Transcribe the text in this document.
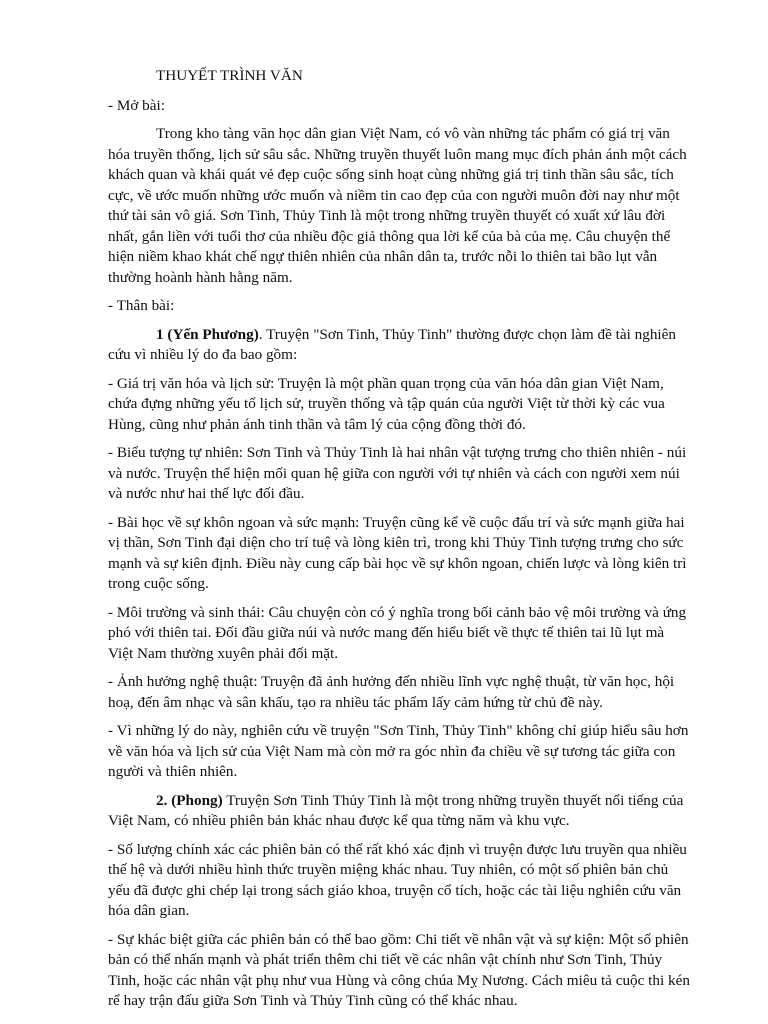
THUYẾT TRÌNH VĂN
- Mở bài:

Trong kho tàng văn học dân gian Việt Nam, có vô vàn những tác phẩm có giá trị văn hóa truyền thống, lịch sử sâu sắc. Những truyền thuyết luôn mang mục đích phản ánh một cách khách quan và khái quát vẻ đẹp cuộc sống sinh hoạt cùng những giá trị tinh thần sâu sắc, tích cực, về ước muốn những ước muốn và niềm tin cao đẹp của con người muôn đời nay như một thứ tài sản vô giá. Sơn Tinh, Thủy Tinh là một trong những truyền thuyết có xuất xứ lâu đời nhất, gắn liền với tuổi thơ của nhiều độc giả thông qua lời kể của bà của mẹ. Câu chuyện thể hiện niềm khao khát chế ngự thiên nhiên của nhân dân ta, trước nỗi lo thiên tai bão lụt vẫn thường hoành hành hằng năm.

- Thân bài:

1 (Yến Phương). Truyện "Sơn Tinh, Thủy Tinh" thường được chọn làm đề tài nghiên cứu vì nhiều lý do đa bao gồm:

- Giá trị văn hóa và lịch sử: Truyện là một phần quan trọng của văn hóa dân gian Việt Nam, chứa đựng những yếu tố lịch sử, truyền thống và tập quán của người Việt từ thời kỳ các vua Hùng, cũng như phản ánh tinh thần và tâm lý của cộng đồng thời đó.

- Biểu tượng tự nhiên: Sơn Tinh và Thủy Tinh là hai nhân vật tượng trưng cho thiên nhiên - núi và nước. Truyện thể hiện mối quan hệ giữa con người với tự nhiên và cách con người xem núi và nước như hai thế lực đối đầu.

- Bài học về sự khôn ngoan và sức mạnh: Truyện cũng kể về cuộc đấu trí và sức mạnh giữa hai vị thần, Sơn Tinh đại diện cho trí tuệ và lòng kiên trì, trong khi Thủy Tinh tượng trưng cho sức mạnh và sự kiên định. Điều này cung cấp bài học về sự khôn ngoan, chiến lược và lòng kiên trì trong cuộc sống.

- Môi trường và sinh thái: Câu chuyện còn có ý nghĩa trong bối cảnh bảo vệ môi trường và ứng phó với thiên tai. Đối đầu giữa núi và nước mang đến hiểu biết về thực tế thiên tai lũ lụt mà Việt Nam thường xuyên phải đối mặt.

- Ảnh hưởng nghệ thuật: Truyện đã ảnh hưởng đến nhiều lĩnh vực nghệ thuật, từ văn học, hội hoạ, đến âm nhạc và sân khấu, tạo ra nhiều tác phẩm lấy cảm hứng từ chủ đề này.

- Vì những lý do này, nghiên cứu về truyện "Sơn Tinh, Thủy Tinh" không chỉ giúp hiểu sâu hơn về văn hóa và lịch sử của Việt Nam mà còn mở ra góc nhìn đa chiều về sự tương tác giữa con người và thiên nhiên.

2. (Phong) Truyện Sơn Tinh Thủy Tinh là một trong những truyền thuyết nổi tiếng của Việt Nam, có nhiều phiên bản khác nhau được kể qua từng năm và khu vực.

- Số lượng chính xác các phiên bản có thể rất khó xác định vì truyện được lưu truyền qua nhiều thế hệ và dưới nhiều hình thức truyền miệng khác nhau. Tuy nhiên, có một số phiên bản chủ yếu đã được ghi chép lại trong sách giáo khoa, truyện cổ tích, hoặc các tài liệu nghiên cứu văn hóa dân gian.

- Sự khác biệt giữa các phiên bản có thể bao gồm: Chi tiết về nhân vật và sự kiện: Một số phiên bản có thể nhấn mạnh và phát triển thêm chi tiết về các nhân vật chính như Sơn Tinh, Thủy Tinh, hoặc các nhân vật phụ như vua Hùng và công chúa Mỵ Nương. Cách miêu tả cuộc thi kén rể hay trận đấu giữa Sơn Tinh và Thủy Tinh cũng có thể khác nhau.
